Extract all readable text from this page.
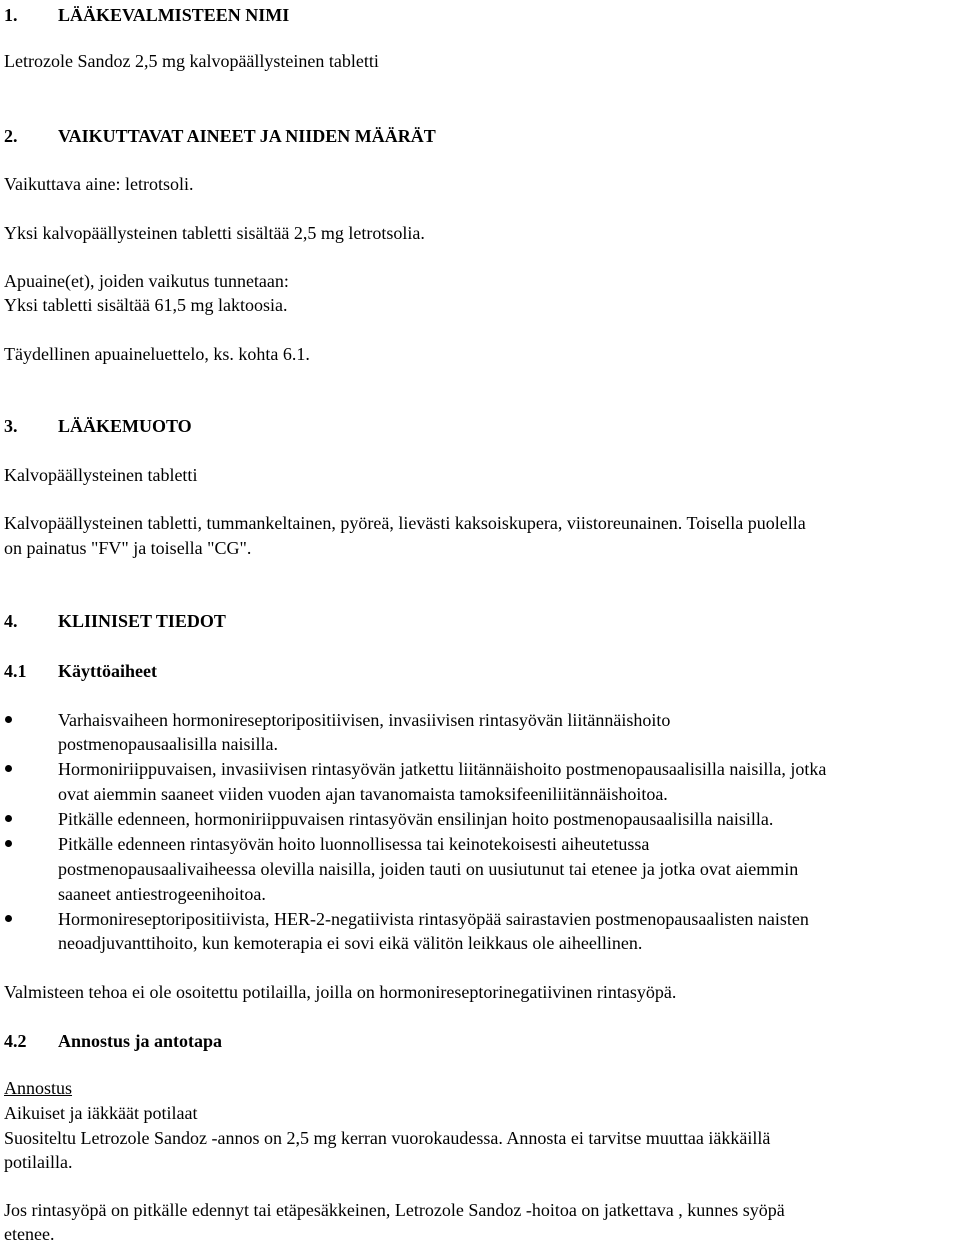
1. LÄÄKEVALMISTEEN NIMI
Letrozole Sandoz 2,5 mg kalvopäällysteinen tabletti
2. VAIKUTTAVAT AINEET JA NIIDEN MÄÄRÄT
Vaikuttava aine: letrotsoli.
Yksi kalvopäällysteinen tabletti sisältää 2,5 mg letrotsolia.
Apuaine(et), joiden vaikutus tunnetaan:
Yksi tabletti sisältää 61,5 mg laktoosia.
Täydellinen apuaineluettelo, ks. kohta 6.1.
3. LÄÄKEMUOTO
Kalvopäällysteinen tabletti
Kalvopäällysteinen tabletti, tummankeltainen, pyöreä, lievästi kaksoiskupera, viistoreunainen. Toisella puolella
on painatus "FV" ja toisella "CG".
4. KLIINISET TIEDOT
4.1 Käyttöaiheet
Varhaisvaiheen hormonireseptoripositiivisen, invasiivisen rintasyövän liitännäishoito
postmenopausaalisilla naisilla.
Hormoniriippuvaisen, invasiivisen rintasyövän jatkettu liitännäishoito postmenopausaalisilla naisilla, jotka
ovat aiemmin saaneet viiden vuoden ajan tavanomaista tamoksifeeniliitännäishoitoa.
Pitkälle edenneen, hormoniriippuvaisen rintasyövän ensilinjan hoito postmenopausaalisilla naisilla.
Pitkälle edenneen rintasyövän hoito luonnollisessa tai keinotekoisesti aiheutetussa
postmenopausaalivaiheessa olevilla naisilla, joiden tauti on uusiutunut tai etenee ja jotka ovat aiemmin
saaneet antiestrogeenihoitoa.
Hormonireseptoripositiivista, HER-2-negatiivista rintasyöpää sairastavien postmenopausaalisten naisten
neoadjuvanttihoito, kun kemoterapia ei sovi eikä välitön leikkaus ole aiheellinen.
Valmisteen tehoa ei ole osoitettu potilailla, joilla on hormonireseptorinegatiivinen rintasyöpä.
4.2 Annostus ja antotapa
Annostus
Aikuiset ja iäkkäät potilaat
Suositeltu Letrozole Sandoz -annos on 2,5 mg kerran vuorokaudessa. Annosta ei tarvitse muuttaa iäkkäillä
potilailla.
Jos rintasyöpä on pitkälle edennyt tai etäpesäkkeinen, Letrozole Sandoz -hoitoa on jatkettava , kunnes syöpä
etenee.
